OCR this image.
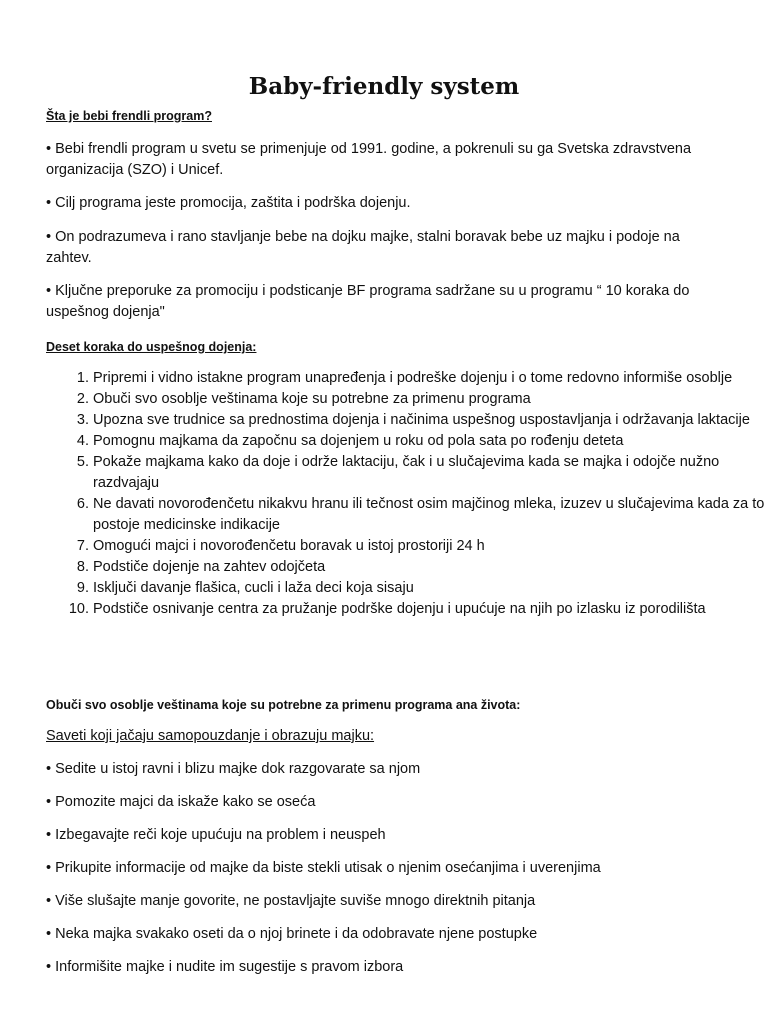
Baby-friendly system
Šta je bebi frendli program?
• Bebi frendli program u svetu se primenjuje od 1991. godine, a pokrenuli su ga Svetska zdravstvena organizacija (SZO) i Unicef.
• Cilj programa jeste promocija, zaštita i podrška dojenju.
• On podrazumeva i rano stavljanje bebe na dojku majke, stalni boravak bebe uz majku i podoje na zahtev.
• Ključne preporuke za promociju i podsticanje BF programa sadržane su u programu “ 10 koraka do uspešnog dojenja"
Deset koraka do uspešnog dojenja:
1. Pripremi i vidno istakne program unapređenja i podreške dojenju i o tome redovno informiše osoblje
2. Obuči svo osoblje veštinama koje su potrebne za primenu programa
3. Upozna sve trudnice sa prednostima dojenja i načinima uspešnog uspostavljanja i održavanja laktacije
4. Pomognu majkama da započnu sa dojenjem u roku od pola sata po rođenju deteta
5. Pokaže majkama kako da doje i održe laktaciju, čak i u slučajevima kada se majka i odojče nužno razdvajaju
6. Ne davati novorođenčetu nikakvu hranu ili tečnost osim majčinog mleka, izuzev u slučajevima kada za to postoje medicinske indikacije
7. Omogući majci i novorođenčetu boravak u istoj prostoriji 24 h
8. Podstiče dojenje na zahtev odojčeta
9. Isključi davanje flašica, cucli i laža deci koja sisaju
10. Podstiče osnivanje centra za pružanje podrške dojenju i upućuje na njih po izlasku iz porodilišta
Obuči svo osoblje veštinama koje su potrebne za primenu programa ana života:
Saveti koji jačaju samopouzdanje i obrazuju majku:
• Sedite u istoj ravni i blizu majke dok razgovarate sa njom
• Pomozite majci da iskaže kako se oseća
• Izbegavajte reči koje upućuju na problem i neuspeh
• Prikupite informacije od majke da biste stekli utisak o njenim osećanjima i uverenjima
• Više slušajte manje govorite, ne postavljajte suviše mnogo direktnih pitanja
• Neka majka svakako oseti da o njoj brinete i da odobravate njene postupke
• Informišite majke i nudite im sugestije s pravom izbora
